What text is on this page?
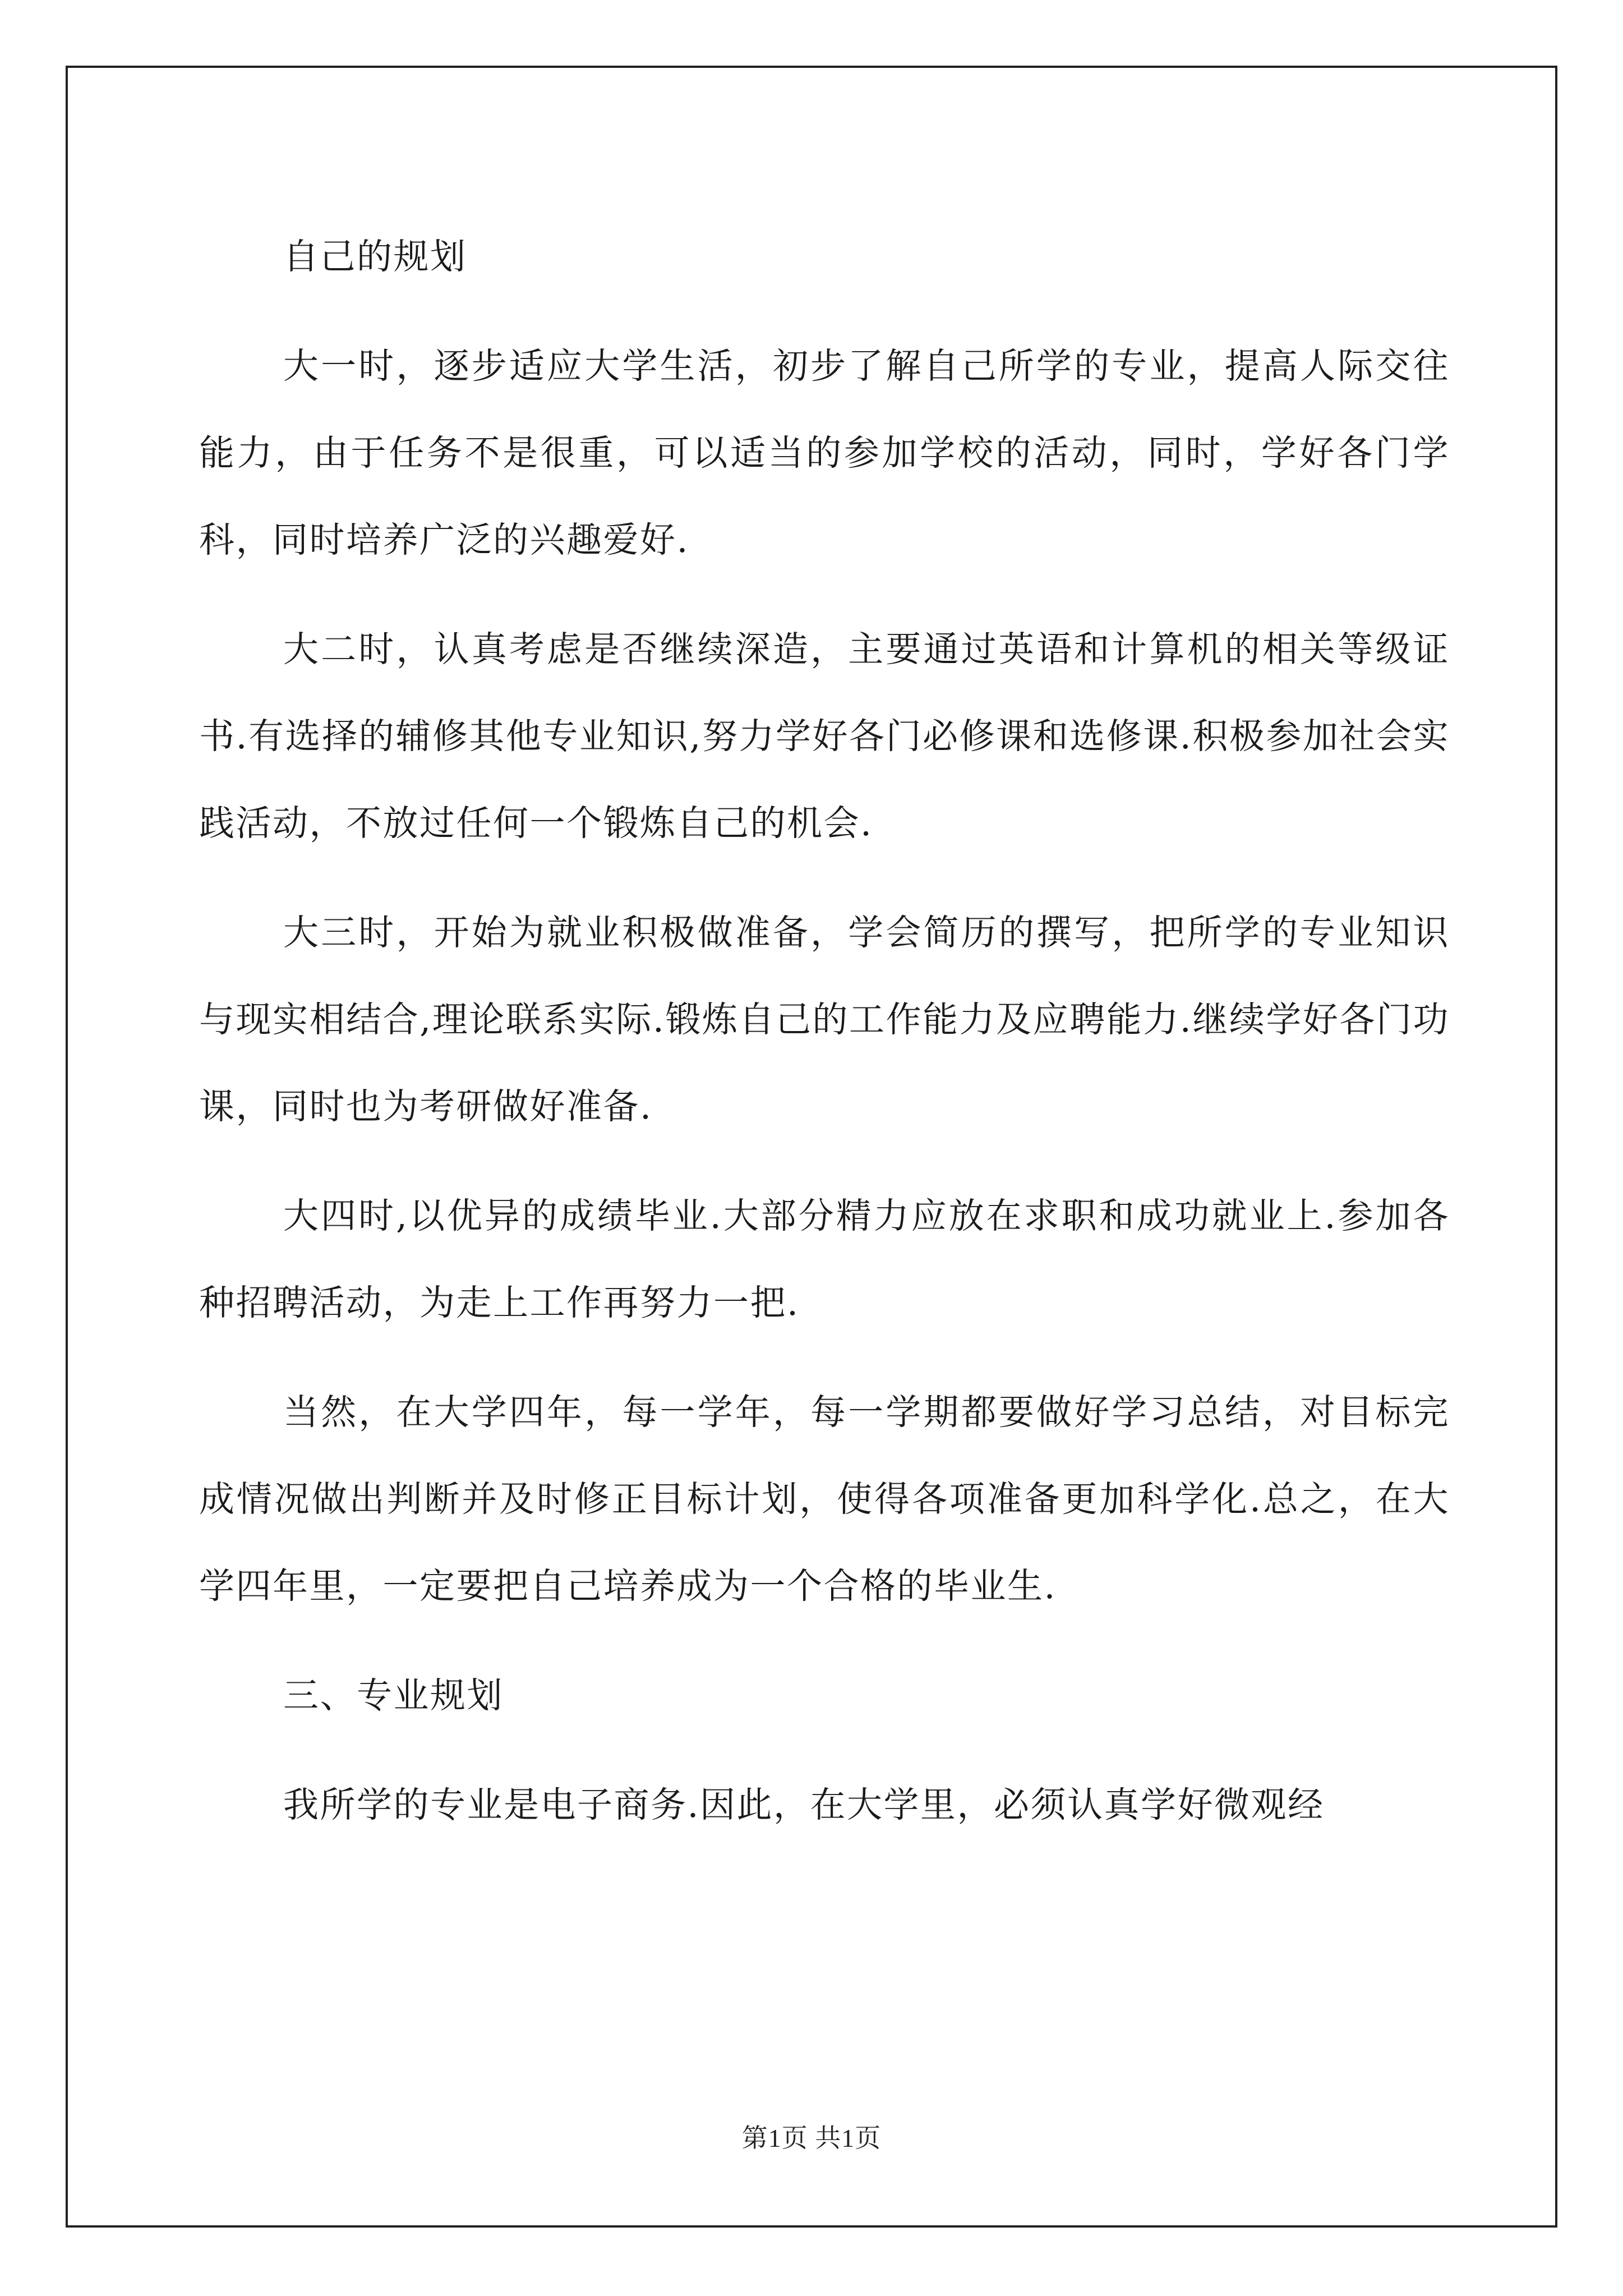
自己的规划

大一时，逐步适应大学生活，初步了解自己所学的专业，提高人际交往能力，由于任务不是很重，可以适当的参加学校的活动，同时，学好各门学科，同时培养广泛的兴趣爱好.

大二时，认真考虑是否继续深造，主要通过英语和计算机的相关等级证书.有选择的辅修其他专业知识,努力学好各门必修课和选修课.积极参加社会实践活动，不放过任何一个锻炼自己的机会.

大三时，开始为就业积极做准备，学会简历的撰写，把所学的专业知识与现实相结合,理论联系实际.锻炼自己的工作能力及应聘能力.继续学好各门功课，同时也为考研做好准备.

大四时,以优异的成绩毕业.大部分精力应放在求职和成功就业上.参加各种招聘活动，为走上工作再努力一把.

当然，在大学四年，每一学年，每一学期都要做好学习总结，对目标完成情况做出判断并及时修正目标计划，使得各项准备更加科学化.总之，在大学四年里，一定要把自己培养成为一个合格的毕业生.

三、专业规划

我所学的专业是电子商务.因此，在大学里，必须认真学好微观经

第1页 共1页
